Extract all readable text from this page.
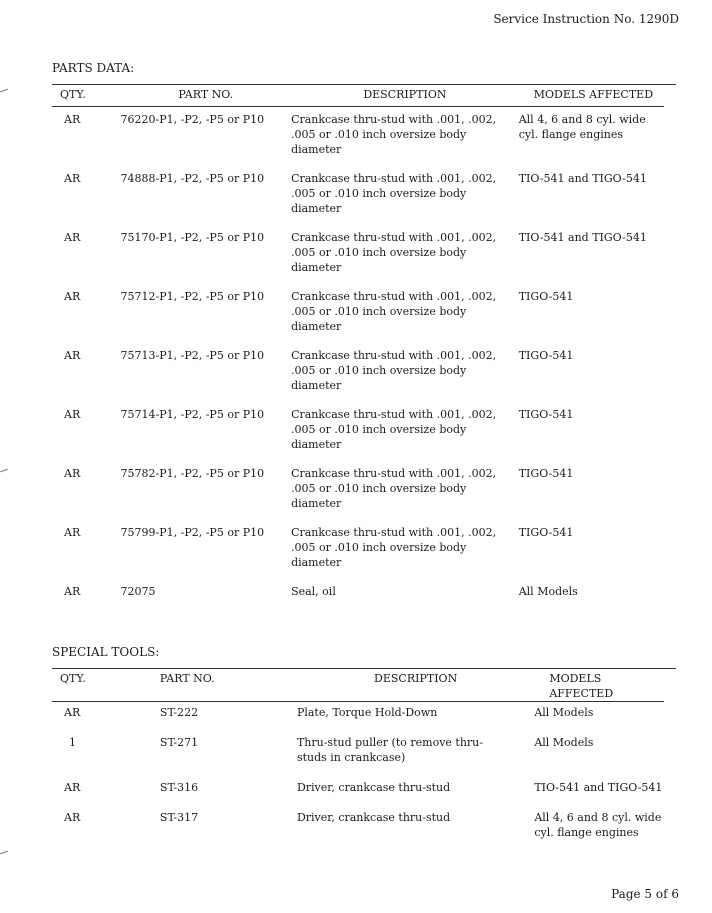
Service Instruction No. 1290D
PARTS DATA:
QTY.	PART NO.	DESCRIPTION	MODELS AFFECTED
AR	76220-P1, -P2, -P5 or P10	Crankcase thru-stud with .001, .002, .005 or .010 inch oversize body diameter	All 4, 6 and 8 cyl. wide cyl. flange engines
AR	74888-P1, -P2, -P5 or P10	Crankcase thru-stud with .001, .002, .005 or .010 inch oversize body diameter	TIO-541 and TIGO-541
AR	75170-P1, -P2, -P5 or P10	Crankcase thru-stud with .001, .002, .005 or .010 inch oversize body diameter	TIO-541 and TIGO-541
AR	75712-P1, -P2, -P5 or P10	Crankcase thru-stud with .001, .002, .005 or .010 inch oversize body diameter	TIGO-541
AR	75713-P1, -P2, -P5 or P10	Crankcase thru-stud with .001, .002, .005 or .010 inch oversize body diameter	TIGO-541
AR	75714-P1, -P2, -P5 or P10	Crankcase thru-stud with .001, .002, .005 or .010 inch oversize body diameter	TIGO-541
AR	75782-P1, -P2, -P5 or P10	Crankcase thru-stud with .001, .002, .005 or .010 inch oversize body diameter	TIGO-541
AR	75799-P1, -P2, -P5 or P10	Crankcase thru-stud with .001, .002, .005 or .010 inch oversize body diameter	TIGO-541
AR	72075	Seal, oil	All Models
SPECIAL TOOLS:
QTY.	PART NO.	DESCRIPTION	MODELS AFFECTED
AR	ST-222	Plate, Torque Hold-Down	All Models
1	ST-271	Thru-stud puller (to remove thru-studs in crankcase)	All Models
AR	ST-316	Driver, crankcase thru-stud	TIO-541 and TIGO-541
AR	ST-317	Driver, crankcase thru-stud	All 4, 6 and 8 cyl. wide cyl. flange engines
Page 5 of 6
